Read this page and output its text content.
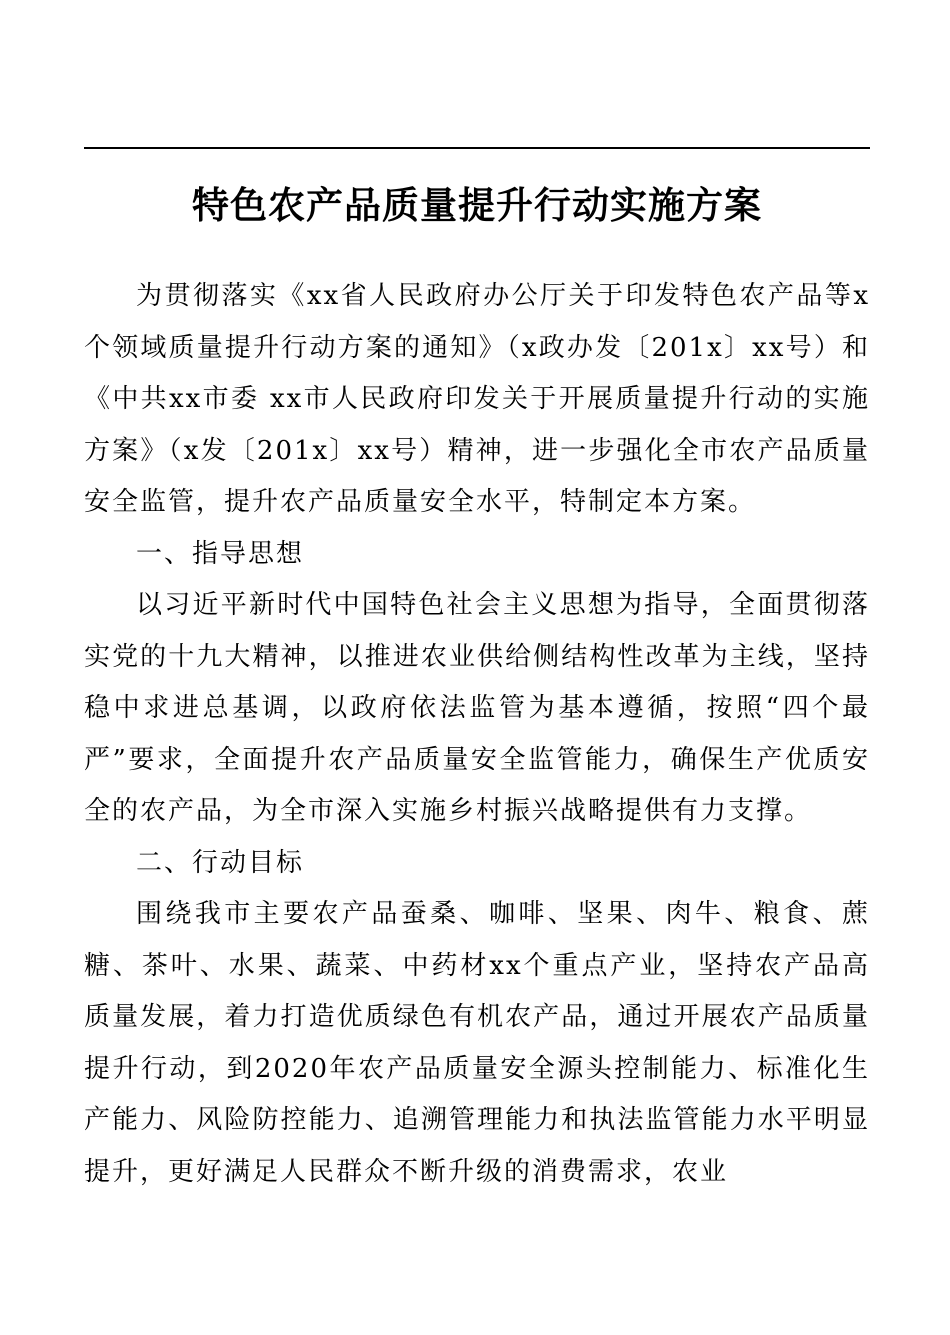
特色农产品质量提升行动实施方案

为贯彻落实《xx省人民政府办公厅关于印发特色农产品等x个领域质量提升行动方案的通知》（x政办发〔201x〕xx号）和《中共xx市委 xx市人民政府印发关于开展质量提升行动的实施方案》（x发〔201x〕xx号）精神，进一步强化全市农产品质量安全监管，提升农产品质量安全水平，特制定本方案。

一、指导思想

以习近平新时代中国特色社会主义思想为指导，全面贯彻落实党的十九大精神，以推进农业供给侧结构性改革为主线，坚持稳中求进总基调，以政府依法监管为基本遵循，按照“四个最严”要求，全面提升农产品质量安全监管能力，确保生产优质安全的农产品，为全市深入实施乡村振兴战略提供有力支撑。

二、行动目标

围绕我市主要农产品蚕桑、咖啡、坚果、肉牛、粮食、蔗糖、茶叶、水果、蔬菜、中药材xx个重点产业，坚持农产品高质量发展，着力打造优质绿色有机农产品，通过开展农产品质量提升行动，到2020年农产品质量安全源头控制能力、标准化生产能力、风险防控能力、追溯管理能力和执法监管能力水平明显提升，更好满足人民群众不断升级的消费需求，农业
